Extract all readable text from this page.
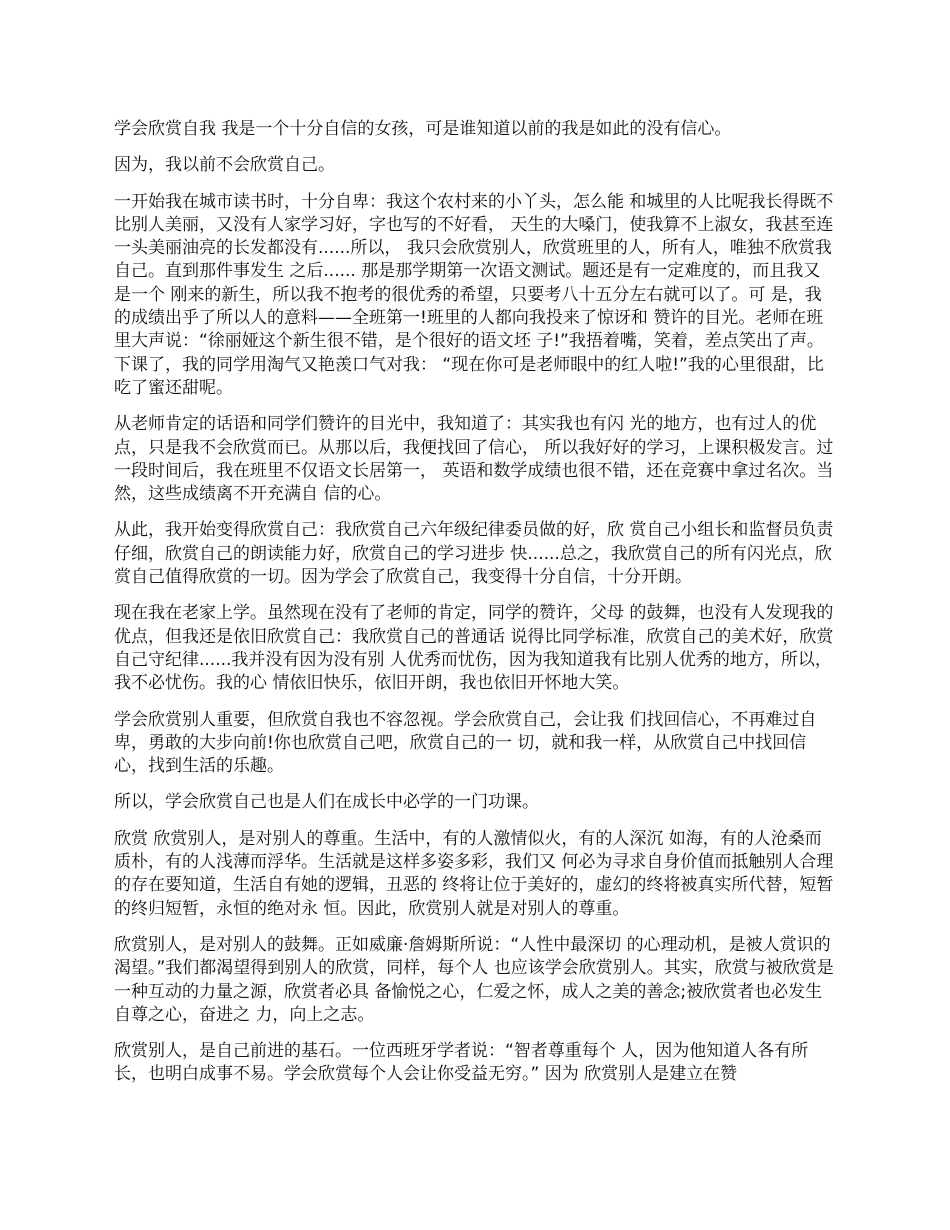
学会欣赏自我 我是一个十分自信的女孩，可是谁知道以前的我是如此的没有信心。

因为，我以前不会欣赏自己。

一开始我在城市读书时，十分自卑：我这个农村来的小丫头，怎么能 和城里的人比呢我长得既不比别人美丽，又没有人家学习好，字也写的不好看， 天生的大嗓门，使我算不上淑女，我甚至连一头美丽油亮的长发都没有......所以， 我只会欣赏别人，欣赏班里的人，所有人，唯独不欣赏我自己。直到那件事发生 之后...... 那是那学期第一次语文测试。题还是有一定难度的，而且我又是一个 刚来的新生，所以我不抱考的很优秀的希望，只要考八十五分左右就可以了。可 是，我的成绩出乎了所以人的意料——全班第一!班里的人都向我投来了惊讶和 赞许的目光。老师在班里大声说：“徐丽娅这个新生很不错，是个很好的语文坯 子!”我捂着嘴，笑着，差点笑出了声。下课了，我的同学用淘气又艳羡口气对我： “现在你可是老师眼中的红人啦!”我的心里很甜，比吃了蜜还甜呢。

从老师肯定的话语和同学们赞许的目光中，我知道了：其实我也有闪 光的地方，也有过人的优点，只是我不会欣赏而已。从那以后，我便找回了信心， 所以我好好的学习，上课积极发言。过一段时间后，我在班里不仅语文长居第一， 英语和数学成绩也很不错，还在竞赛中拿过名次。当然，这些成绩离不开充满自 信的心。

从此，我开始变得欣赏自己：我欣赏自己六年级纪律委员做的好，欣 赏自己小组长和监督员负责仔细，欣赏自己的朗读能力好，欣赏自己的学习进步 快......总之，我欣赏自己的所有闪光点，欣赏自己值得欣赏的一切。因为学会了欣赏自己，我变得十分自信，十分开朗。

现在我在老家上学。虽然现在没有了老师的肯定，同学的赞许，父母 的鼓舞，也没有人发现我的优点，但我还是依旧欣赏自己：我欣赏自己的普通话 说得比同学标准，欣赏自己的美术好，欣赏自己守纪律......我并没有因为没有别 人优秀而忧伤，因为我知道我有比别人优秀的地方，所以，我不必忧伤。我的心 情依旧快乐，依旧开朗，我也依旧开怀地大笑。

学会欣赏别人重要，但欣赏自我也不容忽视。学会欣赏自己，会让我 们找回信心，不再难过自卑，勇敢的大步向前!你也欣赏自己吧，欣赏自己的一 切，就和我一样，从欣赏自己中找回信心，找到生活的乐趣。

所以，学会欣赏自己也是人们在成长中必学的一门功课。

欣赏 欣赏别人，是对别人的尊重。生活中，有的人激情似火，有的人深沉 如海，有的人沧桑而质朴，有的人浅薄而浮华。生活就是这样多姿多彩，我们又 何必为寻求自身价值而抵触别人合理的存在要知道，生活自有她的逻辑，丑恶的 终将让位于美好的，虚幻的终将被真实所代替，短暂的终归短暂，永恒的绝对永 恒。因此，欣赏别人就是对别人的尊重。

欣赏别人，是对别人的鼓舞。正如威廉·詹姆斯所说：“人性中最深切 的心理动机，是被人赏识的渴望。”我们都渴望得到别人的欣赏，同样，每个人 也应该学会欣赏别人。其实，欣赏与被欣赏是一种互动的力量之源，欣赏者必具 备愉悦之心，仁爱之怀，成人之美的善念;被欣赏者也必发生自尊之心，奋进之 力，向上之志。

欣赏别人，是自己前进的基石。一位西班牙学者说：“智者尊重每个 人，因为他知道人各有所长，也明白成事不易。学会欣赏每个人会让你受益无穷。” 因为 欣赏别人是建立在赞
